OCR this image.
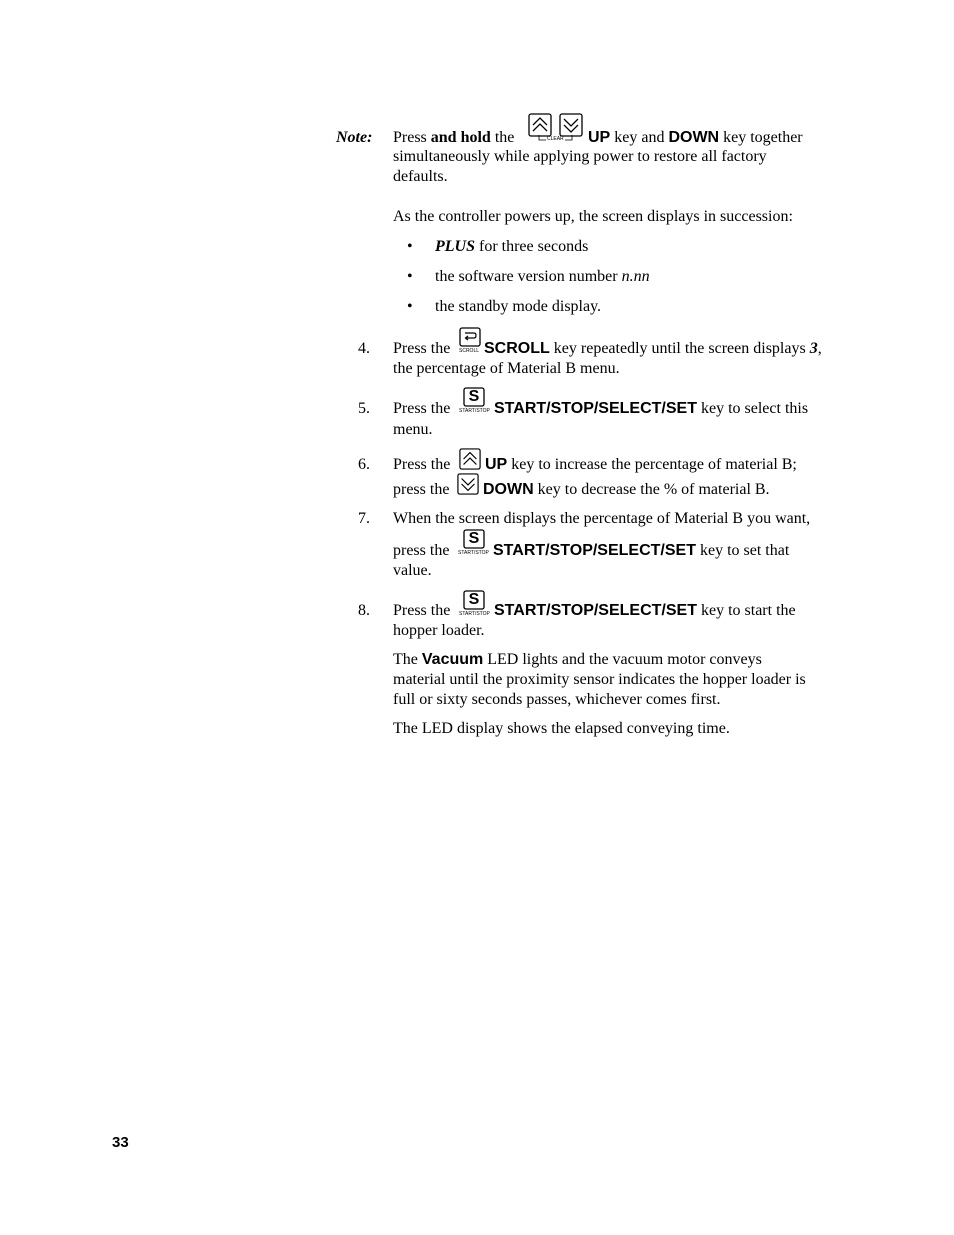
Note: Press and hold the	CLEAR UP key and DOWN key together
simultaneously while applying power to restore all factory
defaults.
As the controller powers up, the screen displays in succession:
• PLUS for three seconds
• the software version number n.nn
• the standby mode display.
4. Press the SCROLL SCROLL key repeatedly until the screen displays 3,
the percentage of Material B menu.
5. Press the
S
START/STOP START/STOP/SELECT/SET key to select this
menu.
6. Press the UP key to increase the percentage of material B;
press the DOWN key to decrease the % of material B.
7. When the screen displays the percentage of Material B you want,
press the
S
START/STOP START/STOP/SELECT/SET key to set that
value.
8. Press the
S
START/STOP START/STOP/SELECT/SET key to start the
hopper loader.
The Vacuum LED lights and the vacuum motor conveys
material until the proximity sensor indicates the hopper loader is
full or sixty seconds passes, whichever comes first.
The LED display shows the elapsed conveying time.
33
